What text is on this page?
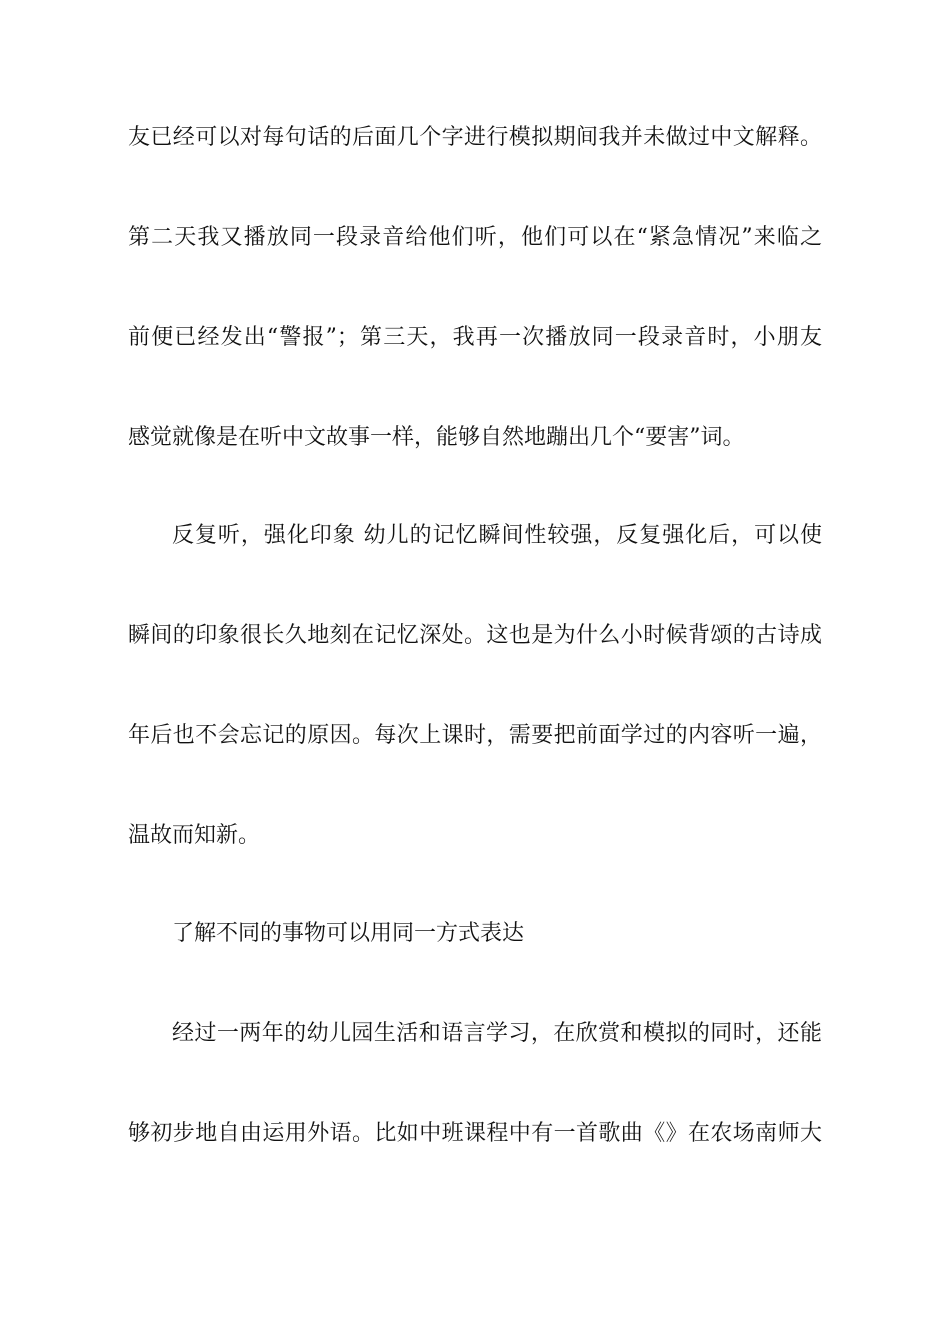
友已经可以对每句话的后面几个字进行模拟期间我并未做过中文解释。
第二天我又播放同一段录音给他们听，他们可以在“紧急情况”来临之
前便已经发出“警报”；第三天，我再一次播放同一段录音时，小朋友
感觉就像是在听中文故事一样，能够自然地蹦出几个“要害”词。
反复听，强化印象 幼儿的记忆瞬间性较强，反复强化后，可以使
瞬间的印象很长久地刻在记忆深处。这也是为什么小时候背颂的古诗成
年后也不会忘记的原因。每次上课时，需要把前面学过的内容听一遍，
温故而知新。
了解不同的事物可以用同一方式表达
经过一两年的幼儿园生活和语言学习，在欣赏和模拟的同时，还能
够初步地自由运用外语。比如中班课程中有一首歌曲《》在农场南师大
